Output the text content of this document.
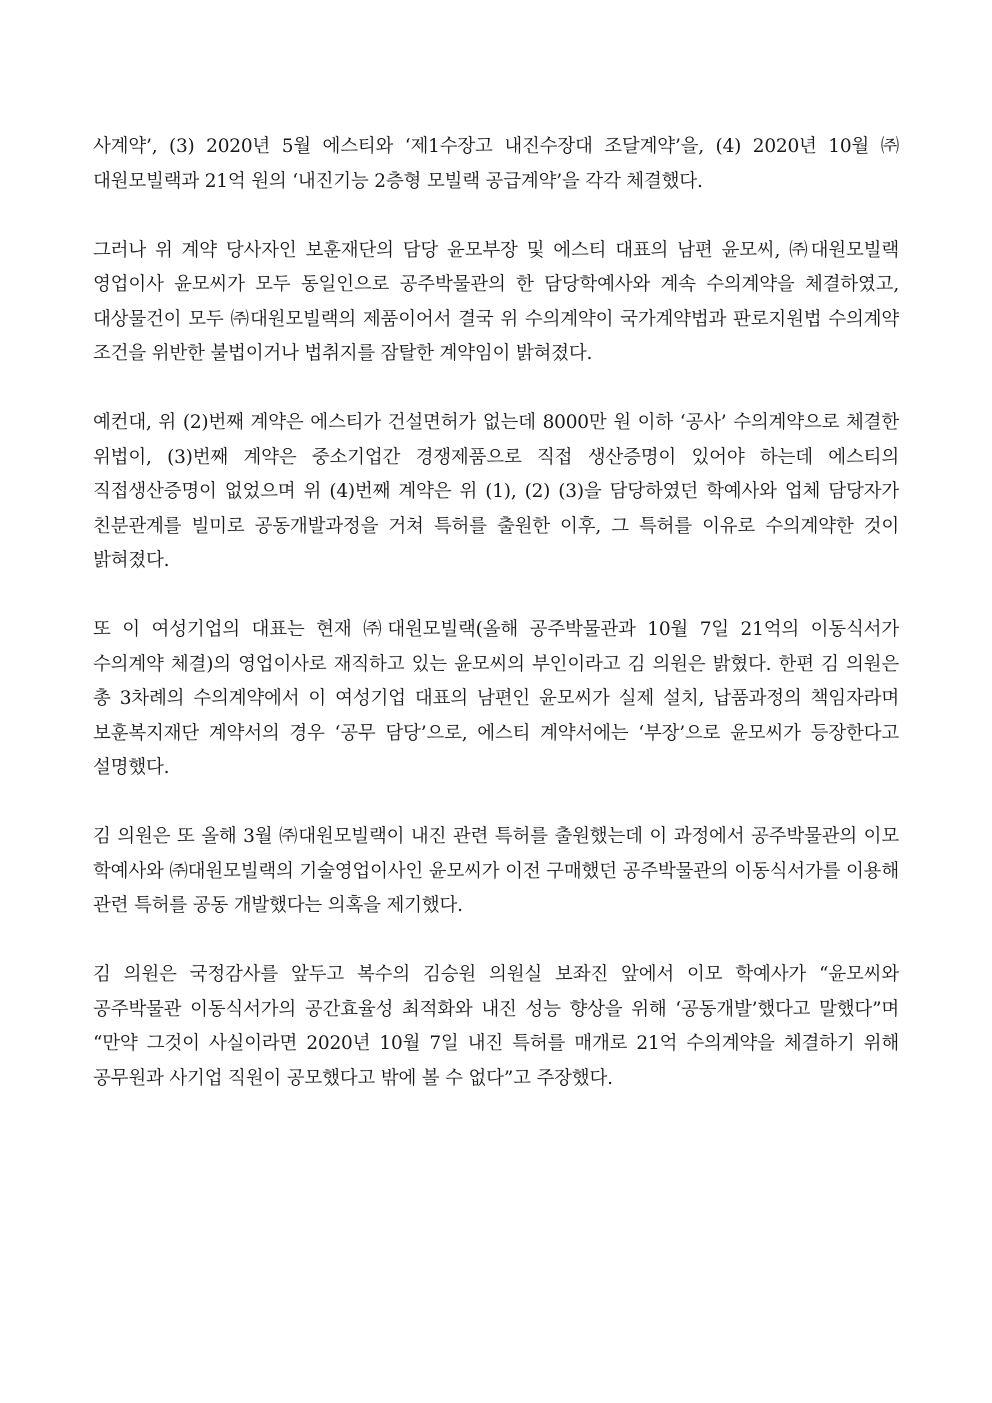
사계약’, (3) 2020년 5월 에스티와 ‘제1수장고 내진수장대 조달계약’을, (4) 2020년 10월 ㈜대원모빌랙과 21억 원의 ‘내진기능 2층형 모빌랙 공급계약’을 각각 체결했다.

그러나 위 계약 당사자인 보훈재단의 담당 윤모부장 및 에스티 대표의 남편 윤모씨, ㈜대원모빌랙 영업이사 윤모씨가 모두 동일인으로 공주박물관의 한 담당학예사와 계속 수의계약을 체결하였고, 대상물건이 모두 ㈜대원모빌랙의 제품이어서 결국 위 수의계약이 국가계약법과 판로지원법 수의계약 조건을 위반한 불법이거나 법취지를 잠탈한 계약임이 밝혀졌다.

예컨대, 위 (2)번째 계약은 에스티가 건설면허가 없는데 8000만 원 이하 ‘공사’ 수의계약으로 체결한 위법이, (3)번째 계약은 중소기업간 경쟁제품으로 직접 생산증명이 있어야 하는데 에스티의 직접생산증명이 없었으며 위 (4)번째 계약은 위 (1), (2) (3)을 담당하였던 학예사와 업체 담당자가 친분관계를 빌미로 공동개발과정을 거쳐 특허를 출원한 이후, 그 특허를 이유로 수의계약한 것이 밝혀졌다.

또 이 여성기업의 대표는 현재 ㈜대원모빌랙(올해 공주박물관과 10월 7일 21억의 이동식서가 수의계약 체결)의 영업이사로 재직하고 있는 윤모씨의 부인이라고 김 의원은 밝혔다. 한편 김 의원은 총 3차례의 수의계약에서 이 여성기업 대표의 남편인 윤모씨가 실제 설치, 납품과정의 책임자라며 보훈복지재단 계약서의 경우 ‘공무 담당’으로, 에스티 계약서에는 ‘부장’으로 윤모씨가 등장한다고 설명했다.

김 의원은 또 올해 3월 ㈜대원모빌랙이 내진 관련 특허를 출원했는데 이 과정에서 공주박물관의 이모 학예사와 ㈜대원모빌랙의 기술영업이사인 윤모씨가 이전 구매했던 공주박물관의 이동식서가를 이용해 관련 특허를 공동 개발했다는 의혹을 제기했다.

김 의원은 국정감사를 앞두고 복수의 김승원 의원실 보좌진 앞에서 이모 학예사가 “윤모씨와 공주박물관 이동식서가의 공간효율성 최적화와 내진 성능 향상을 위해 ‘공동개발’했다고 말했다”며 “만약 그것이 사실이라면 2020년 10월 7일 내진 특허를 매개로 21억 수의계약을 체결하기 위해 공무원과 사기업 직원이 공모했다고 밖에 볼 수 없다”고 주장했다.
